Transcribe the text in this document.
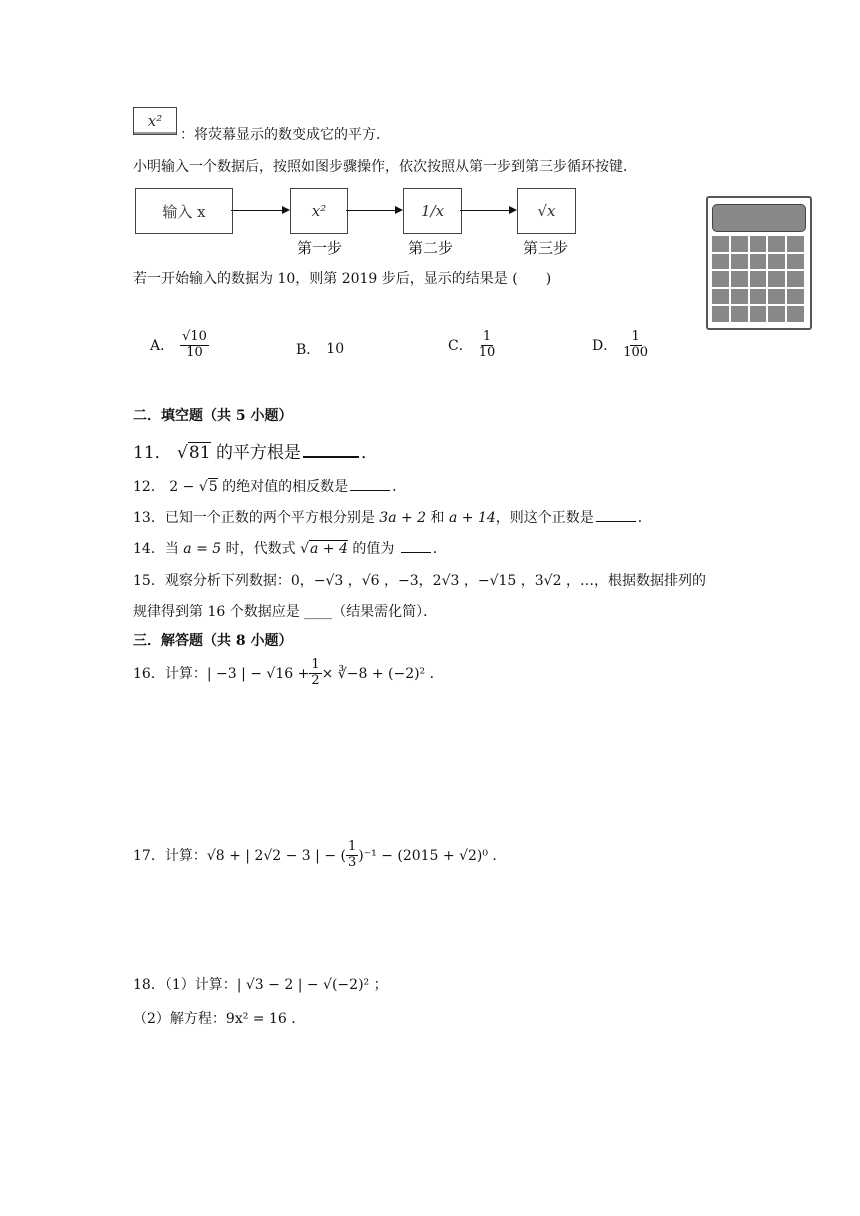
x²
：将荧幕显示的数变成它的平方．
小明输入一个数据后，按照如图步骤操作，依次按照从第一步到第三步循环按键．
输入 x	x²	1/x	√x
第一步	第二步	第三步
若一开始输入的数据为 10，则第 2019 步后，显示的结果是 (　　)
A． $\frac{√10}{10}$	B． 10	C． $\frac{1}{10}$	D． $\frac{1}{100}$
二．填空题（共 5 小题）
11． √81 的平方根是	．
12． 2 − √5 的绝对值的相反数是	．
13．已知一个正数的两个平方根分别是 3a + 2 和 a + 14，则这个正数是	．
14．当 a = 5 时，代数式 √a + 4 的值为 ．
15．观察分析下列数据：0，−√3 ，√6 ，−3，2√3 ，−√15 ，3√2 ，…，根据数据排列的
规律得到第 16 个数据应是 ____（结果需化简）．
三．解答题（共 8 小题）
16．计算：| −3 | − $√16 + \frac{1}{2}$ × ∛−8 + (−2)² ．
17．计算：√8 + | 2√2 − 3 | − ( $\frac{1}{3} )^{-1} - (2015 + √2)^0$ ．
18．（1）计算：| √3 − 2 | − √(−2)² ；
（2）解方程：9x² = 16 ．
